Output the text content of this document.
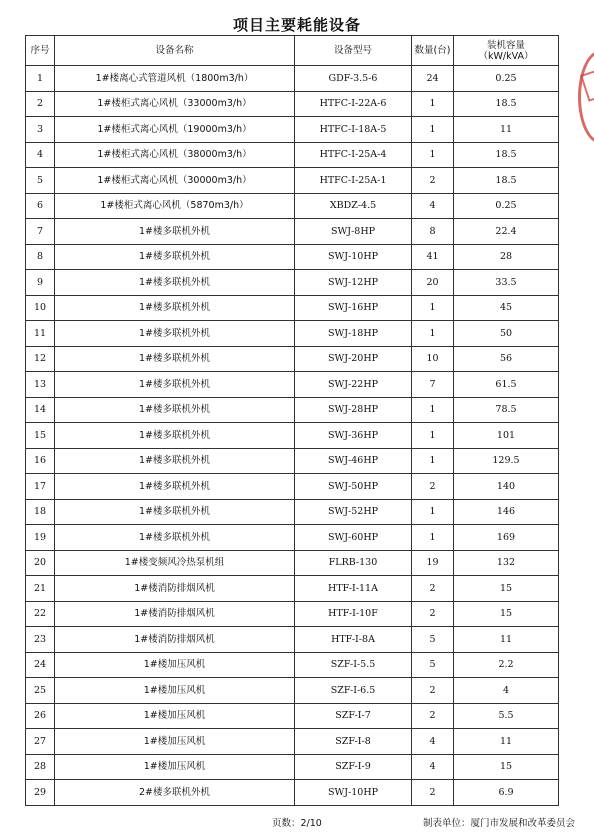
项目主要耗能设备
序号	设备名称	设备型号	数量(台)	装机容量
（kW/kVA）
1	1#楼离心式管道风机（1800m3/h）	GDF-3.5-6	24	0.25
2	1#楼柜式离心风机（33000m3/h）	HTFC-I-22A-6	1	18.5
3	1#楼柜式离心风机（19000m3/h）	HTFC-I-18A-5	1	11
4	1#楼柜式离心风机（38000m3/h）	HTFC-I-25A-4	1	18.5
5	1#楼柜式离心风机（30000m3/h）	HTFC-I-25A-1	2	18.5
6	1#楼柜式离心风机（5870m3/h）	XBDZ-4.5	4	0.25
7	1#楼多联机外机	SWJ-8HP	8	22.4
8	1#楼多联机外机	SWJ-10HP	41	28
9	1#楼多联机外机	SWJ-12HP	20	33.5
10	1#楼多联机外机	SWJ-16HP	1	45
11	1#楼多联机外机	SWJ-18HP	1	50
12	1#楼多联机外机	SWJ-20HP	10	56
13	1#楼多联机外机	SWJ-22HP	7	61.5
14	1#楼多联机外机	SWJ-28HP	1	78.5
15	1#楼多联机外机	SWJ-36HP	1	101
16	1#楼多联机外机	SWJ-46HP	1	129.5
17	1#楼多联机外机	SWJ-50HP	2	140
18	1#楼多联机外机	SWJ-52HP	1	146
19	1#楼多联机外机	SWJ-60HP	1	169
20	1#楼变频风冷热泵机组	FLRB-130	19	132
21	1#楼消防排烟风机	HTF-I-11A	2	15
22	1#楼消防排烟风机	HTF-I-10F	2	15
23	1#楼消防排烟风机	HTF-I-8A	5	11
24	1#楼加压风机	SZF-I-5.5	5	2.2
25	1#楼加压风机	SZF-I-6.5	2	4
26	1#楼加压风机	SZF-I-7	2	5.5
27	1#楼加压风机	SZF-I-8	4	11
28	1#楼加压风机	SZF-I-9	4	15
29	2#楼多联机外机	SWJ-10HP	2	6.9
页数：2/10	制表单位：厦门市发展和改革委员会
